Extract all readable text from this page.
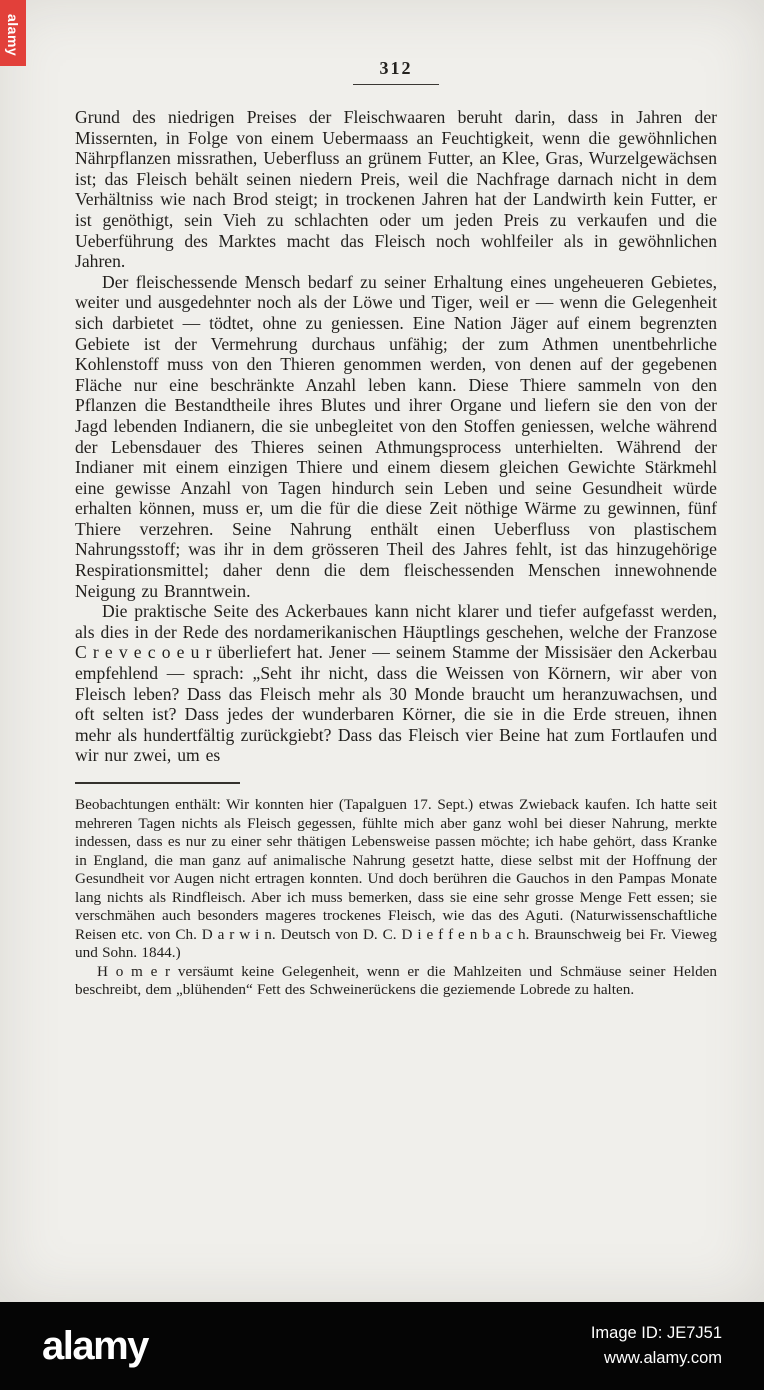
312

Grund des niedrigen Preises der Fleischwaaren beruht darin, dass in Jahren der Missernten, in Folge von einem Uebermaass an Feuchtigkeit, wenn die gewöhnlichen Nährpflanzen missrathen, Ueberfluss an grünem Futter, an Klee, Gras, Wurzelgewächsen ist; das Fleisch behält seinen niedern Preis, weil die Nachfrage darnach nicht in dem Verhältniss wie nach Brod steigt; in trockenen Jahren hat der Landwirth kein Futter, er ist genöthigt, sein Vieh zu schlachten oder um jeden Preis zu verkaufen und die Ueberführung des Marktes macht das Fleisch noch wohlfeiler als in gewöhnlichen Jahren.

Der fleischessende Mensch bedarf zu seiner Erhaltung eines ungeheueren Gebietes, weiter und ausgedehnter noch als der Löwe und Tiger, weil er — wenn die Gelegenheit sich darbietet — tödtet, ohne zu geniessen. Eine Nation Jäger auf einem begrenzten Gebiete ist der Vermehrung durchaus unfähig; der zum Athmen unentbehrliche Kohlenstoff muss von den Thieren genommen werden, von denen auf der gegebenen Fläche nur eine beschränkte Anzahl leben kann. Diese Thiere sammeln von den Pflanzen die Bestandtheile ihres Blutes und ihrer Organe und liefern sie den von der Jagd lebenden Indianern, die sie unbegleitet von den Stoffen geniessen, welche während der Lebensdauer des Thieres seinen Athmungsprocess unterhielten. Während der Indianer mit einem einzigen Thiere und einem diesem gleichen Gewichte Stärkmehl eine gewisse Anzahl von Tagen hindurch sein Leben und seine Gesundheit würde erhalten können, muss er, um die für die diese Zeit nöthige Wärme zu gewinnen, fünf Thiere verzehren. Seine Nahrung enthält einen Ueberfluss von plastischem Nahrungsstoff; was ihr in dem grösseren Theil des Jahres fehlt, ist das hinzugehörige Respirationsmittel; daher denn die dem fleischessenden Menschen innewohnende Neigung zu Branntwein.

Die praktische Seite des Ackerbaues kann nicht klarer und tiefer aufgefasst werden, als dies in der Rede des nordamerikanischen Häuptlings geschehen, welche der Franzose C r e v e c o e u r überliefert hat. Jener — seinem Stamme der Missisäer den Ackerbau empfehlend — sprach: „Seht ihr nicht, dass die Weissen von Körnern, wir aber von Fleisch leben? Dass das Fleisch mehr als 30 Monde braucht um heranzuwachsen, und oft selten ist? Dass jedes der wunderbaren Körner, die sie in die Erde streuen, ihnen mehr als hundertfältig zurückgiebt? Dass das Fleisch vier Beine hat zum Fortlaufen und wir nur zwei, um es

Beobachtungen enthält: Wir konnten hier (Tapalguen 17. Sept.) etwas Zwieback kaufen. Ich hatte seit mehreren Tagen nichts als Fleisch gegessen, fühlte mich aber ganz wohl bei dieser Nahrung, merkte indessen, dass es nur zu einer sehr thätigen Lebensweise passen möchte; ich habe gehört, dass Kranke in England, die man ganz auf animalische Nahrung gesetzt hatte, diese selbst mit der Hoffnung der Gesundheit vor Augen nicht ertragen konnten. Und doch berühren die Gauchos in den Pampas Monate lang nichts als Rindfleisch. Aber ich muss bemerken, dass sie eine sehr grosse Menge Fett essen; sie verschmähen auch besonders mageres trockenes Fleisch, wie das des Aguti. (Naturwissenschaftliche Reisen etc. von Ch. D a r w i n. Deutsch von D. C. D i e f f e n b a c h. Braunschweig bei Fr. Vieweg und Sohn. 1844.)

H o m e r versäumt keine Gelegenheit, wenn er die Mahlzeiten und Schmäuse seiner Helden beschreibt, dem „blühenden“ Fett des Schweinerückens die geziemende Lobrede zu halten.

alamy
alamy	Image ID: JE7J51
www.alamy.com
